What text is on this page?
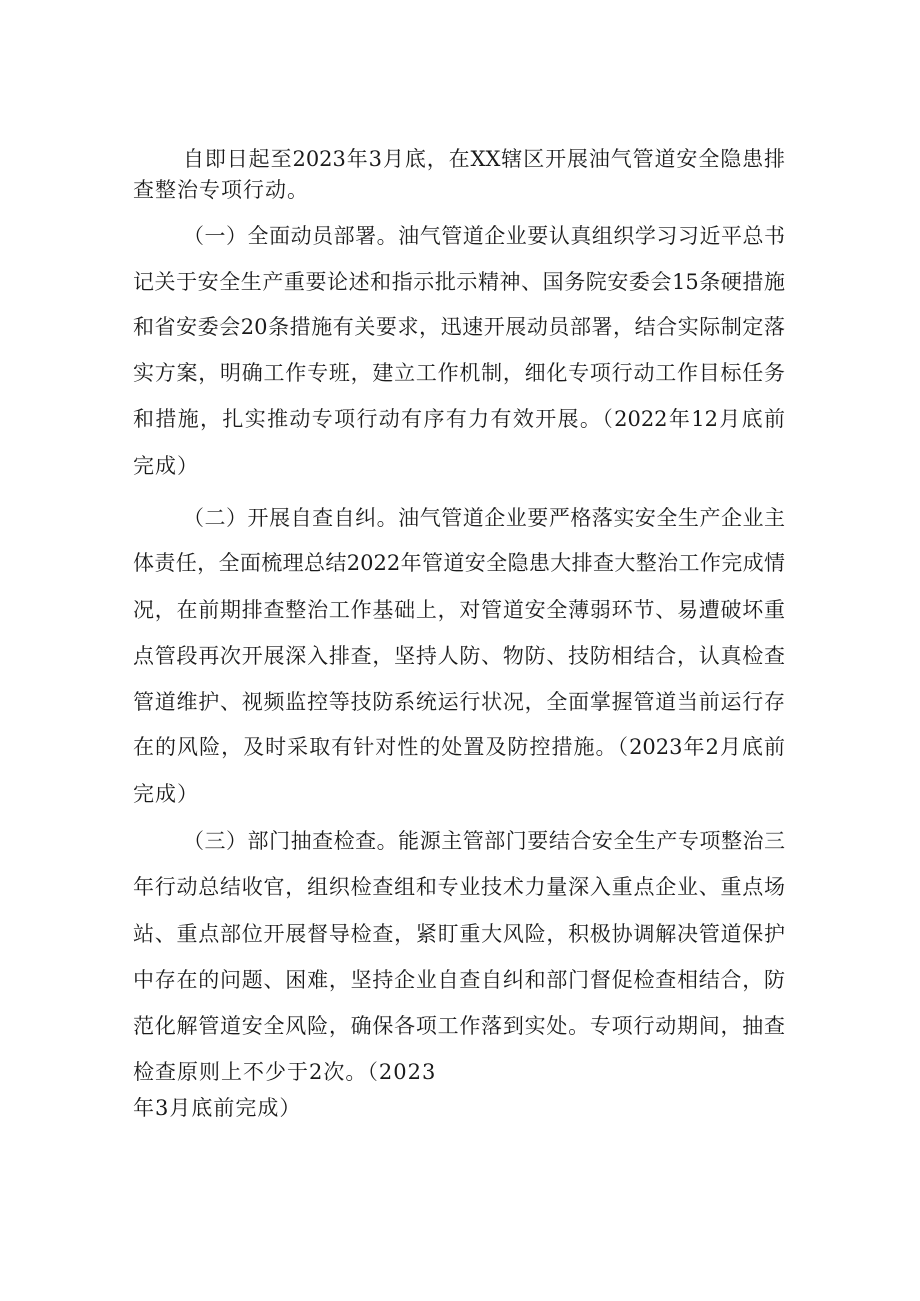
自即日起至2023年3月底，在XX辖区开展油气管道安全隐患排
查整治专项行动。
（一）全面动员部署。油气管道企业要认真组织学习习近平总书
记关于安全生产重要论述和指示批示精神、国务院安委会15条硬措施
和省安委会20条措施有关要求，迅速开展动员部署，结合实际制定落
实方案，明确工作专班，建立工作机制，细化专项行动工作目标任务
和措施，扎实推动专项行动有序有力有效开展。（2022年12月底前
完成）
（二）开展自查自纠。油气管道企业要严格落实安全生产企业主
体责任，全面梳理总结2022年管道安全隐患大排查大整治工作完成情
况，在前期排查整治工作基础上，对管道安全薄弱环节、易遭破坏重
点管段再次开展深入排查，坚持人防、物防、技防相结合，认真检查
管道维护、视频监控等技防系统运行状况，全面掌握管道当前运行存
在的风险，及时采取有针对性的处置及防控措施。（2023年2月底前
完成）
（三）部门抽查检查。能源主管部门要结合安全生产专项整治三
年行动总结收官，组织检查组和专业技术力量深入重点企业、重点场
站、重点部位开展督导检查，紧盯重大风险，积极协调解决管道保护
中存在的问题、困难，坚持企业自查自纠和部门督促检查相结合，防
范化解管道安全风险，确保各项工作落到实处。专项行动期间，抽查
检查原则上不少于2次。（2023
年3月底前完成）
